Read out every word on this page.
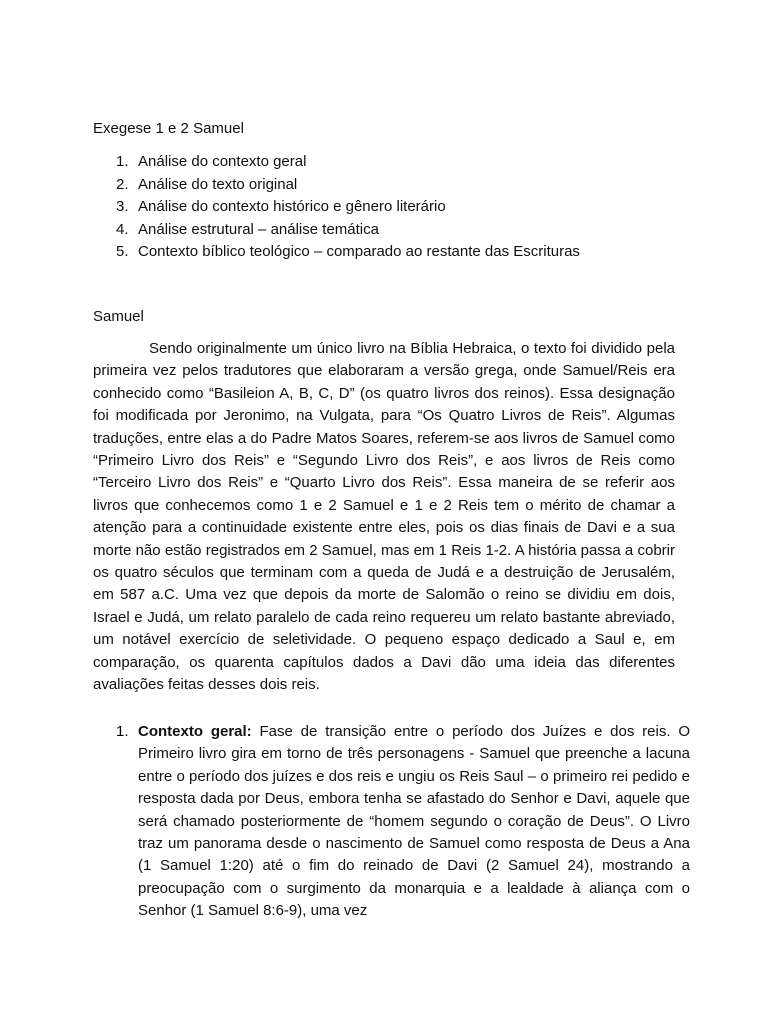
Exegese 1 e 2 Samuel
1. Análise do contexto geral
2. Análise do texto original
3. Análise do contexto histórico e gênero literário
4. Análise estrutural – análise temática
5. Contexto bíblico teológico – comparado ao restante das Escrituras
Samuel

Sendo originalmente um único livro na Bíblia Hebraica, o texto foi dividido pela primeira vez pelos tradutores que elaboraram a versão grega, onde Samuel/Reis era conhecido como “Basileion A, B, C, D” (os quatro livros dos reinos). Essa designação foi modificada por Jeronimo, na Vulgata, para “Os Quatro Livros de Reis”. Algumas traduções, entre elas a do Padre Matos Soares, referem-se aos livros de Samuel como “Primeiro Livro dos Reis” e “Segundo Livro dos Reis”, e aos livros de Reis como “Terceiro Livro dos Reis” e “Quarto Livro dos Reis”. Essa maneira de se referir aos livros que conhecemos como 1 e 2 Samuel e 1 e 2 Reis tem o mérito de chamar a atenção para a continuidade existente entre eles, pois os dias finais de Davi e a sua morte não estão registrados em 2 Samuel, mas em 1 Reis 1-2. A história passa a cobrir os quatro séculos que terminam com a queda de Judá e a destruição de Jerusalém, em 587 a.C. Uma vez que depois da morte de Salomão o reino se dividiu em dois, Israel e Judá, um relato paralelo de cada reino requereu um relato bastante abreviado, um notável exercício de seletividade. O pequeno espaço dedicado a Saul e, em comparação, os quarenta capítulos dados a Davi dão uma ideia das diferentes avaliações feitas desses dois reis.

1. Contexto geral: Fase de transição entre o período dos Juízes e dos reis. O Primeiro livro gira em torno de três personagens - Samuel que preenche a lacuna entre o período dos juízes e dos reis e ungiu os Reis Saul – o primeiro rei pedido e resposta dada por Deus, embora tenha se afastado do Senhor e Davi, aquele que será chamado posteriormente de “homem segundo o coração de Deus”. O Livro traz um panorama desde o nascimento de Samuel como resposta de Deus a Ana (1 Samuel 1:20) até o fim do reinado de Davi (2 Samuel 24), mostrando a preocupação com o surgimento da monarquia e a lealdade à aliança com o Senhor (1 Samuel 8:6-9), uma vez
